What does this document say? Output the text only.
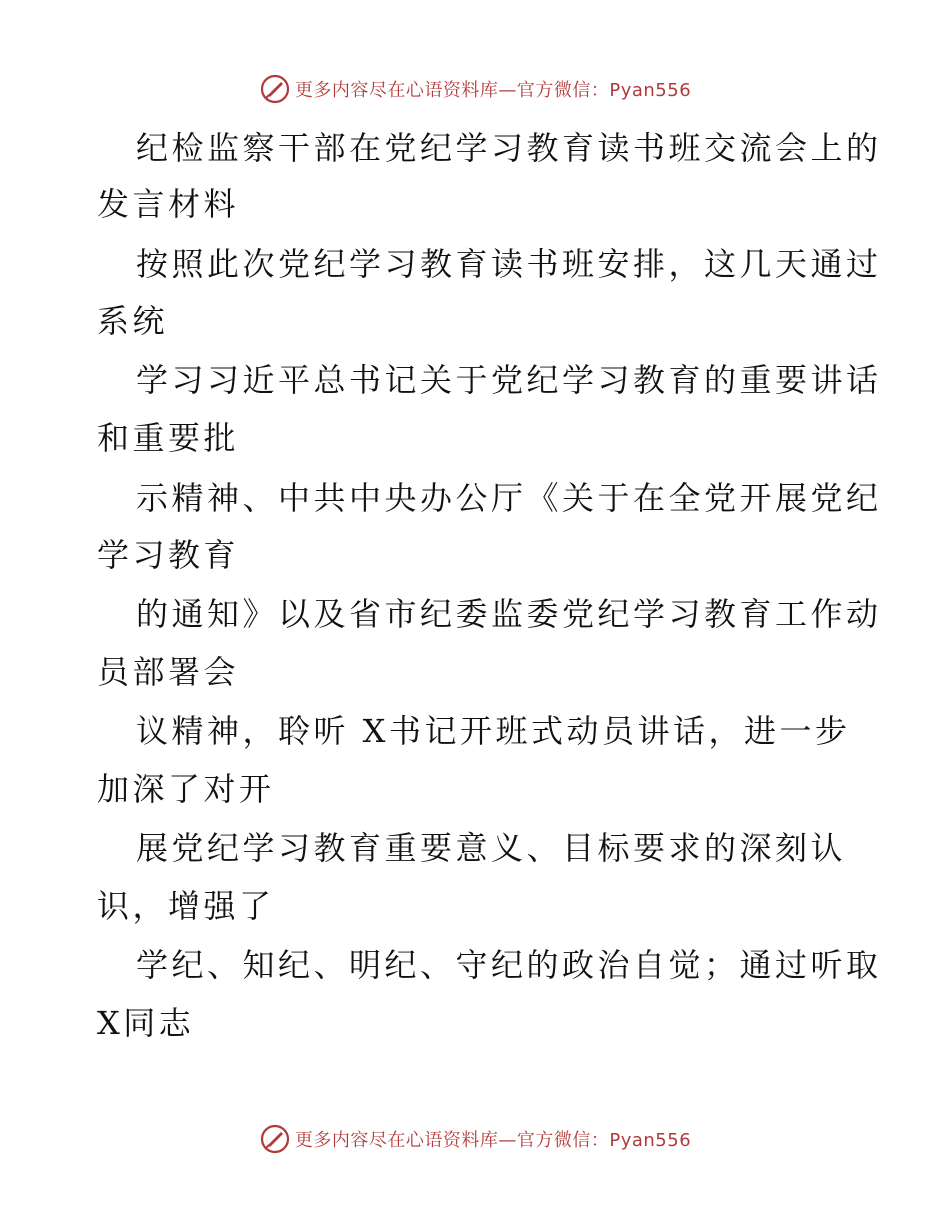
更多内容尽在心语资料库—官方微信：Pyan556
纪检监察干部在党纪学习教育读书班交流会上的
发言材料
按照此次党纪学习教育读书班安排，这几天通过
系统
学习习近平总书记关于党纪学习教育的重要讲话
和重要批
示精神、中共中央办公厅《关于在全党开展党纪
学习教育
的通知》以及省市纪委监委党纪学习教育工作动
员部署会
议精神，聆听 X书记开班式动员讲话，进一步
加深了对开
展党纪学习教育重要意义、目标要求的深刻认
识，增强了
学纪、知纪、明纪、守纪的政治自觉；通过听取
X同志
更多内容尽在心语资料库—官方微信：Pyan556
